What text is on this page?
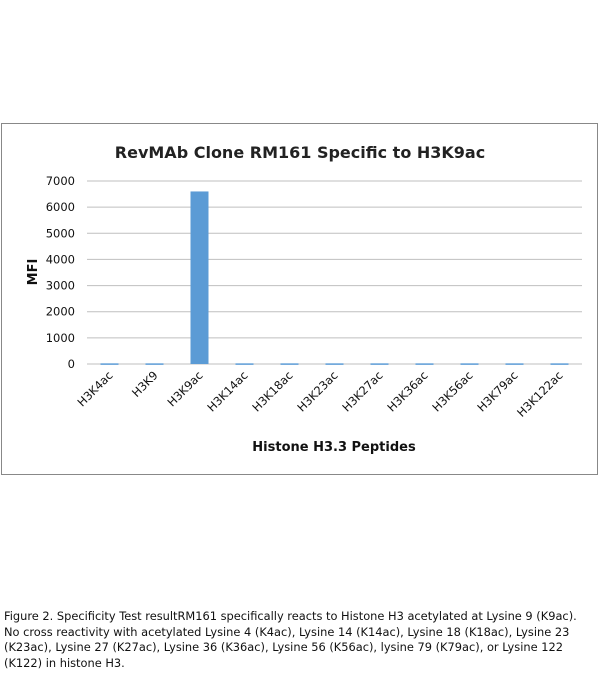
RevMAb Clone RM161 Specific to H3K9ac
0
1000
2000
3000
4000
5000
6000
7000
H3K4ac H3K9 H3K9ac
H3K14ac
H3K18ac
H3K23ac
H3K27ac
H3K36ac
H3K56ac
H3K79ac
H3K122ac
MFI
Histone H3.3 Peptides
Figure 2. Specificity Test resultRM161 specifically reacts to Histone H3 acetylated at Lysine 9 (K9ac). No cross reactivity with acetylated Lysine 4 (K4ac), Lysine 14 (K14ac), Lysine 18 (K18ac), Lysine 23 (K23ac), Lysine 27 (K27ac), Lysine 36 (K36ac), Lysine 56 (K56ac), lysine 79 (K79ac), or Lysine 122 (K122) in histone H3.
